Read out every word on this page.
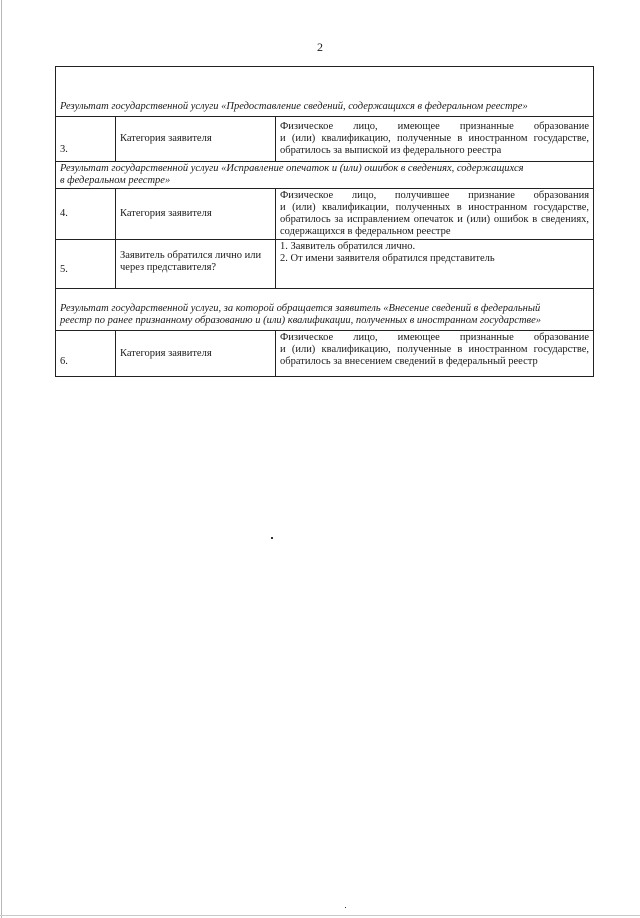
2
Результат государственной услуги «Предоставление сведений, содержащихся в федеральном реестре»		

3.	Категория заявителя	Физическое лицо, имеющее признанные образование
и (или) квалификацию, полученные в иностранном государстве,
обратилось за выпиской из федерального реестра

Результат государственной услуги «Исправление опечаток и (или) ошибок в сведениях, содержащихся
в федеральном реестре»		

4.	Категория заявителя	Физическое лицо, получившее признание образования
и (или) квалификации, полученных в иностранном государстве,
обратилось за исправлением опечаток и (или) ошибок в сведениях,
содержащихся в федеральном реестре

5.	Заявитель обратился лично или
через представителя?	1. Заявитель обратился лично.
2. От имени заявителя обратился представитель

Результат государственной услуги, за которой обращается заявитель «Внесение сведений в федеральный
реестр по ранее признанному образованию и (или) квалификации, полученных в иностранном государстве»		

6.	Категория заявителя	Физическое лицо, имеющее признанные образование
и (или) квалификацию, полученные в иностранном государстве,
обратилось за внесением сведений в федеральный реестр
